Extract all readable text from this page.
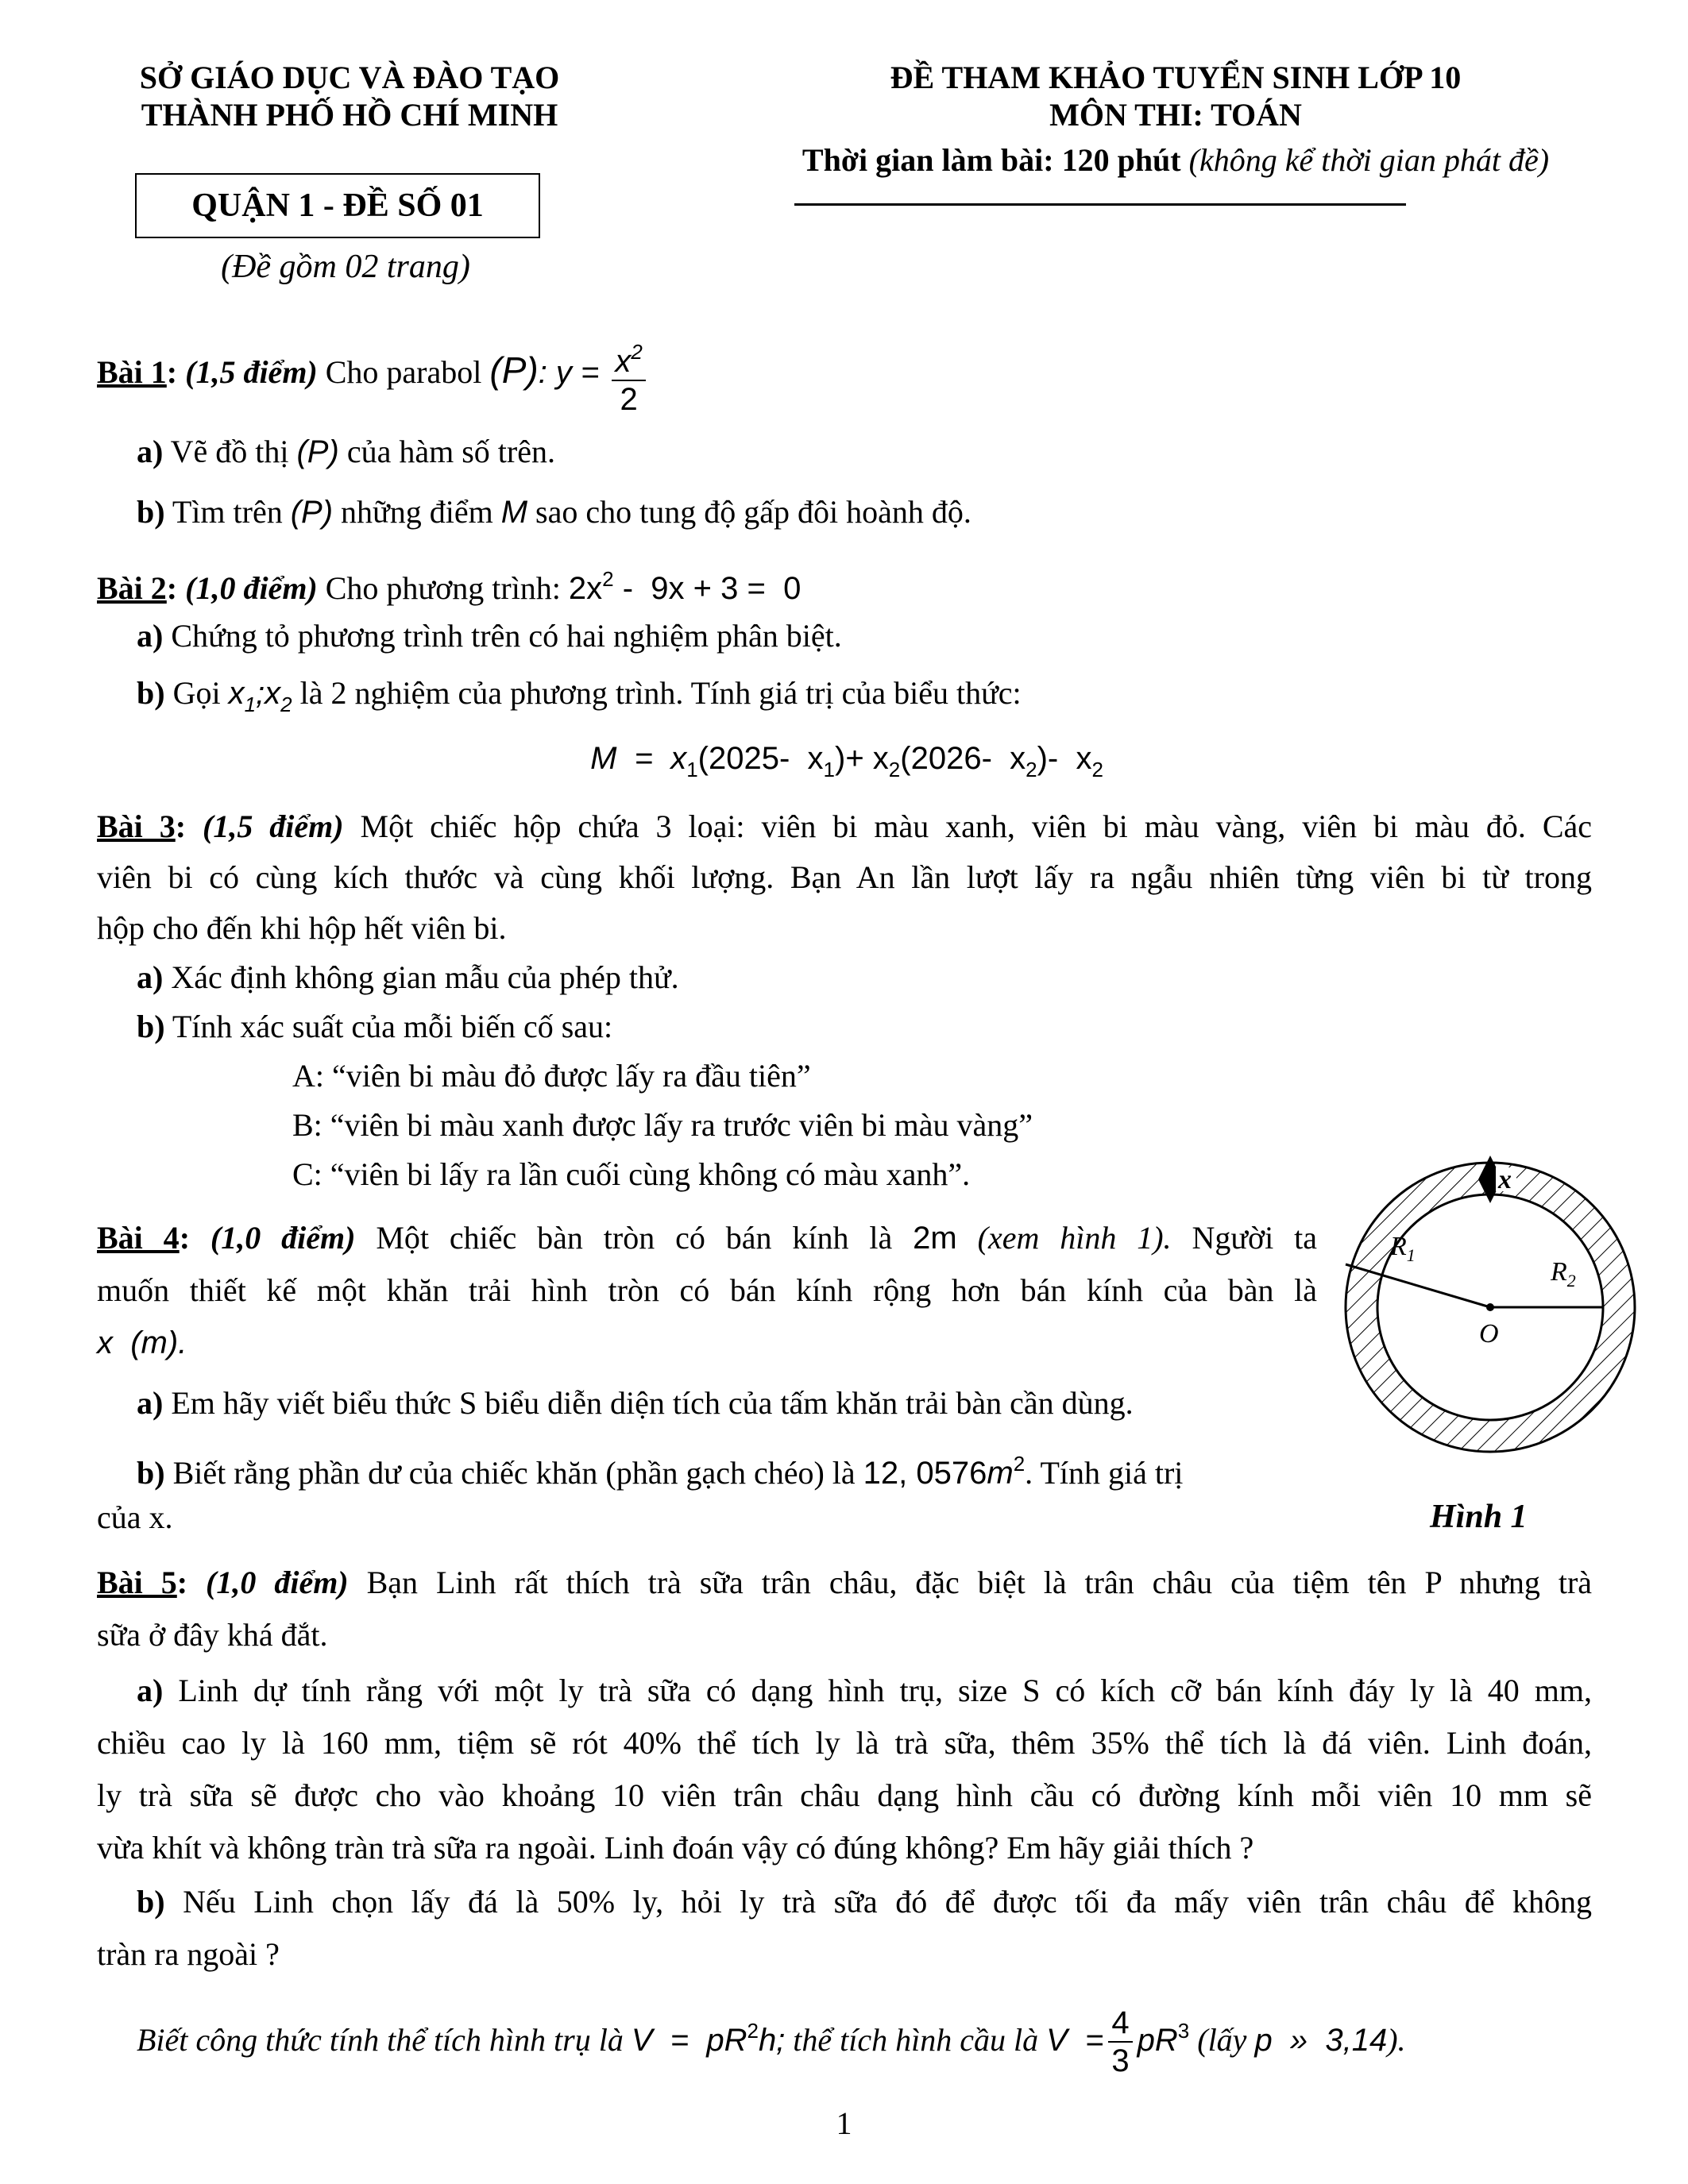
SỞ GIÁO DỤC VÀ ĐÀO TẠO
THÀNH PHỐ HỒ CHÍ MINH
QUẬN 1 - ĐỀ SỐ 01
(Đề gồm 02 trang)
ĐỀ THAM KHẢO TUYỂN SINH LỚP 10
MÔN THI: TOÁN
Thời gian làm bài: 120 phút (không kể thời gian phát đề)
Bài 1: (1,5 điểm) Cho parabol (P): $y = \frac{x^2}{2}$
a) Vẽ đồ thị (P) của hàm số trên.
b) Tìm trên (P) những điểm M sao cho tung độ gấp đôi hoành độ.
Bài 2: (1,0 điểm) Cho phương trình: $2x^2 - 9x + 3 = 0$
a) Chứng tỏ phương trình trên có hai nghiệm phân biệt.
b) Gọi $x_1;x_2$ là 2 nghiệm của phương trình. Tính giá trị của biểu thức:
$M = x_1(2025-$  $x_1)+ x_2(2026-$  $x_2)-$  $x_2$
Bài 3: (1,5 điểm) Một chiếc hộp chứa 3 loại: viên bi màu xanh, viên bi màu vàng, viên bi màu đỏ. Các
viên bi có cùng kích thước và cùng khối lượng. Bạn An lần lượt lấy ra ngẫu nhiên từng viên bi từ trong
hộp cho đến khi hộp hết viên bi.
a) Xác định không gian mẫu của phép thử.
b) Tính xác suất của mỗi biến cố sau:
A: “viên bi màu đỏ được lấy ra đầu tiên”
B: “viên bi màu xanh được lấy ra trước viên bi màu vàng”
C: “viên bi lấy ra lần cuối cùng không có màu xanh”.
Bài 4: (1,0 điểm) Một chiếc bàn tròn có bán kính là 2m (xem hình 1). Người ta
muốn thiết kế một khăn trải hình tròn có bán kính rộng hơn bán kính của bàn là
x  (m).
a) Em hãy viết biểu thức S biểu diễn diện tích của tấm khăn trải bàn cần dùng.
b) Biết rằng phần dư của chiếc khăn (phần gạch chéo) là 12, $0576m^2$. Tính giá trị
của x.
x
$R_1$
$R_2$
O
Hình 1
Bài 5: (1,0 điểm) Bạn Linh rất thích trà sữa trân châu, đặc biệt là trân châu của tiệm tên P nhưng trà
sữa ở đây khá đắt.
a) Linh dự tính rằng với một ly trà sữa có dạng hình trụ, size S có kích cỡ bán kính đáy ly là 40 mm,
chiều cao ly là 160 mm, tiệm sẽ rót 40% thể tích ly là trà sữa, thêm 35% thể tích là đá viên. Linh đoán,
ly trà sữa sẽ được cho vào khoảng 10 viên trân châu dạng hình cầu có đường kính mỗi viên 10 mm sẽ
vừa khít và không tràn trà sữa ra ngoài. Linh đoán vậy có đúng không? Em hãy giải thích ?
b) Nếu Linh chọn lấy đá là 50% ly, hỏi ly trà sữa đó để được tối đa mấy viên trân châu để không
tràn ra ngoài ?
Biết công thức tính thể tích hình trụ là $V = pR^2h$; thể tích hình cầu là $V = \frac{4}{3} pR^3$ (lấy p  »  3,14).
1
